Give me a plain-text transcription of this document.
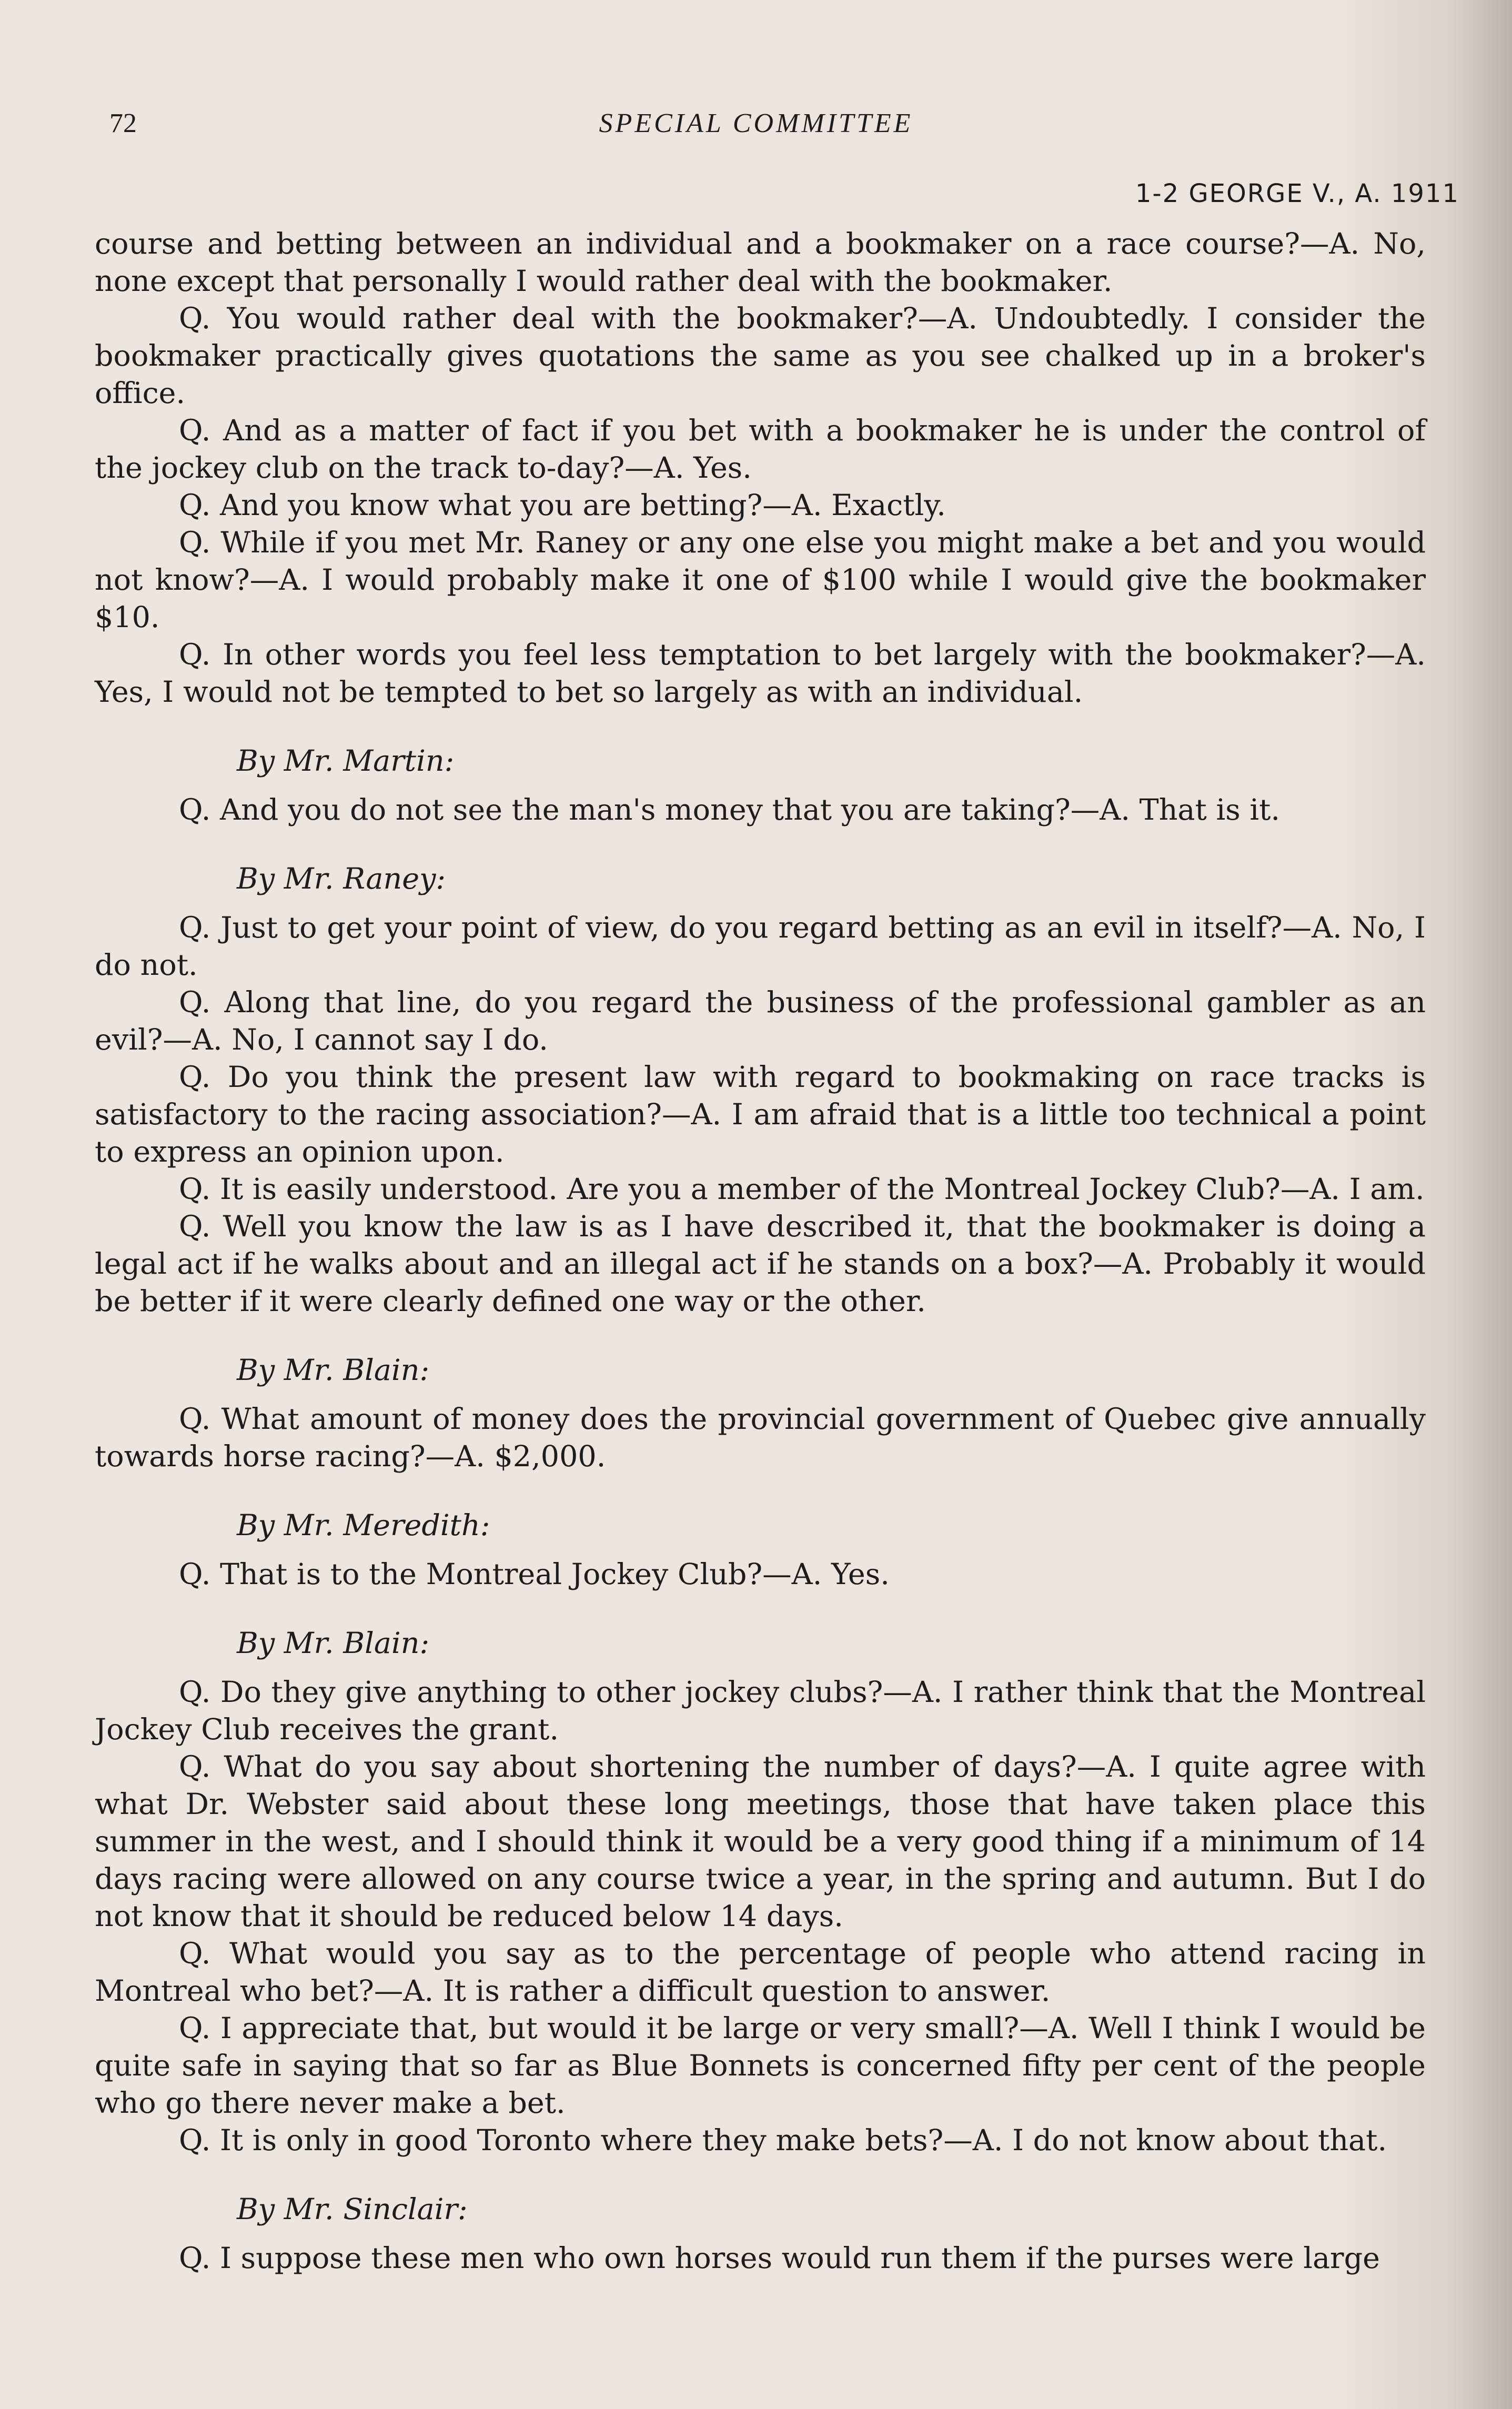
72	SPECIAL COMMITTEE
1-2 GEORGE V., A. 1911

course and betting between an individual and a bookmaker on a race course?—A. No, none except that personally I would rather deal with the bookmaker.

Q. You would rather deal with the bookmaker?—A. Undoubtedly. I consider the bookmaker practically gives quotations the same as you see chalked up in a broker's office.

Q. And as a matter of fact if you bet with a bookmaker he is under the control of the jockey club on the track to-day?—A. Yes.

Q. And you know what you are betting?—A. Exactly.

Q. While if you met Mr. Raney or any one else you might make a bet and you would not know?—A. I would probably make it one of $100 while I would give the bookmaker $10.

Q. In other words you feel less temptation to bet largely with the bookmaker?—A. Yes, I would not be tempted to bet so largely as with an individual.

By Mr. Martin:

Q. And you do not see the man's money that you are taking?—A. That is it.

By Mr. Raney:

Q. Just to get your point of view, do you regard betting as an evil in itself?—A. No, I do not.

Q. Along that line, do you regard the business of the professional gambler as an evil?—A. No, I cannot say I do.

Q. Do you think the present law with regard to bookmaking on race tracks is satisfactory to the racing association?—A. I am afraid that is a little too technical a point to express an opinion upon.

Q. It is easily understood. Are you a member of the Montreal Jockey Club?—A. I am.

Q. Well you know the law is as I have described it, that the bookmaker is doing a legal act if he walks about and an illegal act if he stands on a box?—A. Probably it would be better if it were clearly defined one way or the other.

By Mr. Blain:

Q. What amount of money does the provincial government of Quebec give annually towards horse racing?—A. $2,000.

By Mr. Meredith:

Q. That is to the Montreal Jockey Club?—A. Yes.

By Mr. Blain:

Q. Do they give anything to other jockey clubs?—A. I rather think that the Montreal Jockey Club receives the grant.

Q. What do you say about shortening the number of days?—A. I quite agree with what Dr. Webster said about these long meetings, those that have taken place this summer in the west, and I should think it would be a very good thing if a minimum of 14 days racing were allowed on any course twice a year, in the spring and autumn. But I do not know that it should be reduced below 14 days.

Q. What would you say as to the percentage of people who attend racing in Montreal who bet?—A. It is rather a difficult question to answer.

Q. I appreciate that, but would it be large or very small?—A. Well I think I would be quite safe in saying that so far as Blue Bonnets is concerned fifty per cent of the people who go there never make a bet.

Q. It is only in good Toronto where they make bets?—A. I do not know about that.

By Mr. Sinclair:

Q. I suppose these men who own horses would run them if the purses were large
